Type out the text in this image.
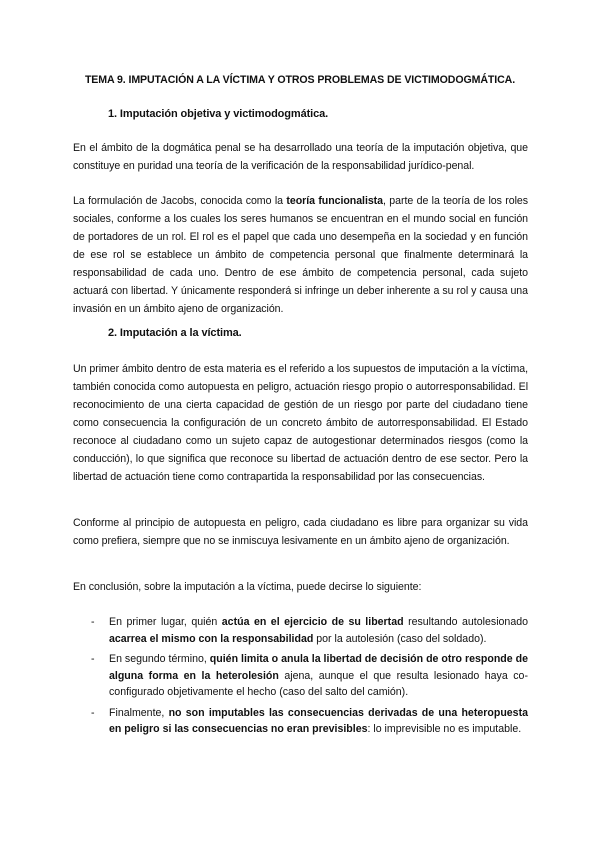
TEMA 9. IMPUTACIÓN A LA VÍCTIMA Y OTROS PROBLEMAS DE VICTIMODOGMÁTICA.
1. Imputación objetiva y victimodogmática.
En el ámbito de la dogmática penal se ha desarrollado una teoría de la imputación objetiva, que constituye en puridad una teoría de la verificación de la responsabilidad jurídico-penal.
La formulación de Jacobs, conocida como la teoría funcionalista, parte de la teoría de los roles sociales, conforme a los cuales los seres humanos se encuentran en el mundo social en función de portadores de un rol. El rol es el papel que cada uno desempeña en la sociedad y en función de ese rol se establece un ámbito de competencia personal que finalmente determinará la responsabilidad de cada uno. Dentro de ese ámbito de competencia personal, cada sujeto actuará con libertad. Y únicamente responderá si infringe un deber inherente a su rol y causa una invasión en un ámbito ajeno de organización.
2. Imputación a la víctima.
Un primer ámbito dentro de esta materia es el referido a los supuestos de imputación a la víctima, también conocida como autopuesta en peligro, actuación riesgo propio o autorresponsabilidad. El reconocimiento de una cierta capacidad de gestión de un riesgo por parte del ciudadano tiene como consecuencia la configuración de un concreto ámbito de autorresponsabilidad. El Estado reconoce al ciudadano como un sujeto capaz de autogestionar determinados riesgos (como la conducción), lo que significa que reconoce su libertad de actuación dentro de ese sector. Pero la libertad de actuación tiene como contrapartida la responsabilidad por las consecuencias.
Conforme al principio de autopuesta en peligro, cada ciudadano es libre para organizar su vida como prefiera, siempre que no se inmiscuya lesivamente en un ámbito ajeno de organización.
En conclusión, sobre la imputación a la víctima, puede decirse lo siguiente:
- En primer lugar, quién actúa en el ejercicio de su libertad resultando autolesionado acarrea el mismo con la responsabilidad por la autolesión (caso del soldado).
- En segundo término, quién limita o anula la libertad de decisión de otro responde de alguna forma en la heterolesión ajena, aunque el que resulta lesionado haya co-configurado objetivamente el hecho (caso del salto del camión).
- Finalmente, no son imputables las consecuencias derivadas de una heteropuesta en peligro si las consecuencias no eran previsibles: lo imprevisible no es imputable.
